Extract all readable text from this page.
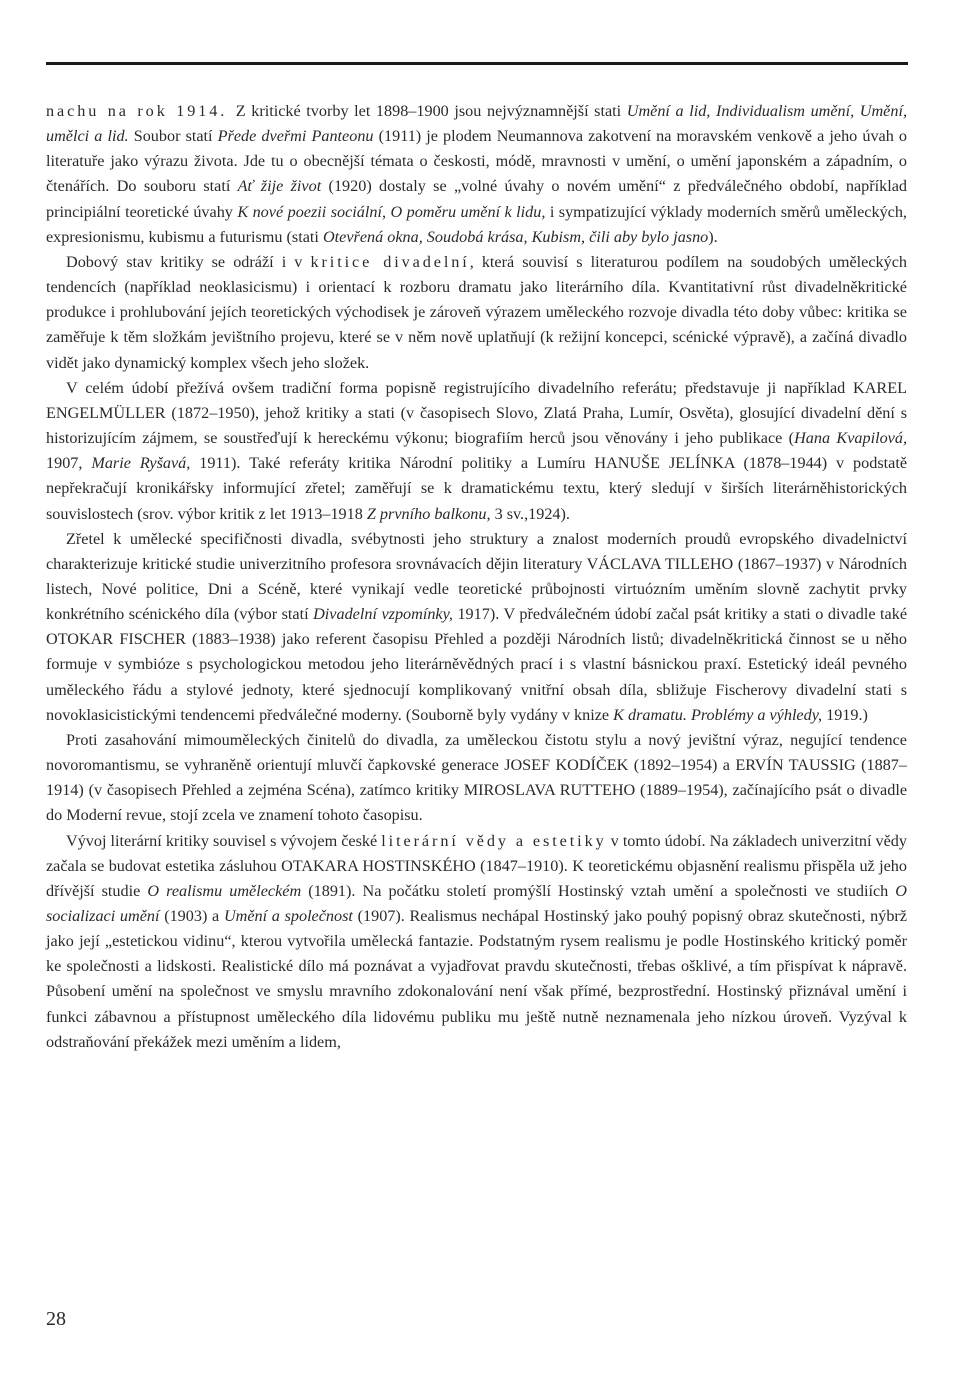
nachu na rok 1914. Z kritické tvorby let 1898–1900 jsou nejvýznamnější stati Umění a lid, Individualism umění, Umění, umělci a lid. Soubor statí Přede dveřmi Panteonu (1911) je plodem Neumannova zakotvení na moravském venkově a jeho úvah o literatuře jako výrazu života. Jde tu o obecnější témata o českosti, módě, mravnosti v umění, o umění japonském a západním, o čtenářích. Do souboru statí Ať žije život (1920) dostaly se „volné úvahy o novém umění“ z předválečného období, například principiální teoretické úvahy K nové poezii sociální, O poměru umění k lidu, i sympatizující výklady moderních směrů uměleckých, expresionismu, kubismu a futurismu (stati Otevřená okna, Soudobá krása, Kubism, čili aby bylo jasno).

Dobový stav kritiky se odráží i v kritice divadelní, která souvisí s literaturou podílem na soudobých uměleckých tendencích (například neoklasicismu) i orientací k rozboru dramatu jako literárního díla. Kvantitativní růst divadelněkritické produkce i prohlubování jejích teoretických východisek je zároveň výrazem uměleckého rozvoje divadla této doby vůbec: kritika se zaměřuje k těm složkám jevištního projevu, které se v něm nově uplatňují (k režijní koncepci, scénické výpravě), a začíná divadlo vidět jako dynamický komplex všech jeho složek.

V celém údobí přežívá ovšem tradiční forma popisně registrujícího divadelního referátu; představuje ji například KAREL ENGELMÜLLER (1872–1950), jehož kritiky a stati (v časopisech Slovo, Zlatá Praha, Lumír, Osvěta), glosující divadelní dění s historizujícím zájmem, se soustřeďují k hereckému výkonu; biografiím herců jsou věnovány i jeho publikace (Hana Kvapilová, 1907, Marie Ryšavá, 1911). Také referáty kritika Národní politiky a Lumíru HANUŠE JELÍNKA (1878–1944) v podstatě nepřekračují kronikářsky informující zřetel; zaměřují se k dramatickému textu, který sledují v širších literárněhistorických souvislostech (srov. výbor kritik z let 1913–1918 Z prvního balkonu, 3 sv.,1924).

Zřetel k umělecké specifičnosti divadla, svébytnosti jeho struktury a znalost moderních proudů evropského divadelnictví charakterizuje kritické studie univerzitního profesora srovnávacích dějin literatury VÁCLAVA TILLEHO (1867–1937) v Národních listech, Nové politice, Dni a Scéně, které vynikají vedle teoretické průbojnosti virtuózním uměním slovně zachytit prvky konkrétního scénického díla (výbor statí Divadelní vzpomínky, 1917). V předválečném údobí začal psát kritiky a stati o divadle také OTOKAR FISCHER (1883–1938) jako referent časopisu Přehled a později Národních listů; divadelněkritická činnost se u něho formuje v symbióze s psychologickou metodou jeho literárněvědných prací i s vlastní básnickou praxí. Estetický ideál pevného uměleckého řádu a stylové jednoty, které sjednocují komplikovaný vnitřní obsah díla, sbližuje Fischerovy divadelní stati s novoklasicistickými tendencemi předválečné moderny. (Souborně byly vydány v knize K dramatu. Problémy a výhledy, 1919.)

Proti zasahování mimouměleckých činitelů do divadla, za uměleckou čistotu stylu a nový jevištní výraz, negující tendence novoromantismu, se vyhraněně orientují mluvčí čapkovské generace JOSEF KODÍČEK (1892–1954) a ERVÍN TAUSSIG (1887–1914) (v časopisech Přehled a zejména Scéna), zatímco kritiky MIROSLAVA RUTTEHO (1889–1954), začínajícího psát o divadle do Moderní revue, stojí zcela ve znamení tohoto časopisu.

Vývoj literární kritiky souvisel s vývojem české literární vědy a estetiky v tomto údobí. Na základech univerzitní vědy začala se budovat estetika zásluhou OTAKARA HOSTINSKÉHO (1847–1910). K teoretickému objasnění realismu přispěla už jeho dřívější studie O realismu uměleckém (1891). Na počátku století promýšlí Hostinský vztah umění a společnosti ve studiích O socializaci umění (1903) a Umění a společnost (1907). Realismus nechápal Hostinský jako pouhý popisný obraz skutečnosti, nýbrž jako její „estetickou vidinu“, kterou vytvořila umělecká fantazie. Podstatným rysem realismu je podle Hostinského kritický poměr ke společnosti a lidskosti. Realistické dílo má poznávat a vyjadřovat pravdu skutečnosti, třebas ošklivé, a tím přispívat k nápravě. Působení umění na společnost ve smyslu mravního zdokonalování není však přímé, bezprostřední. Hostinský přiznával umění i funkci zábavnou a přístupnost uměleckého díla lidovému publiku mu ještě nutně neznamenala jeho nízkou úroveň. Vyzýval k odstraňování překážek mezi uměním a lidem,

28
